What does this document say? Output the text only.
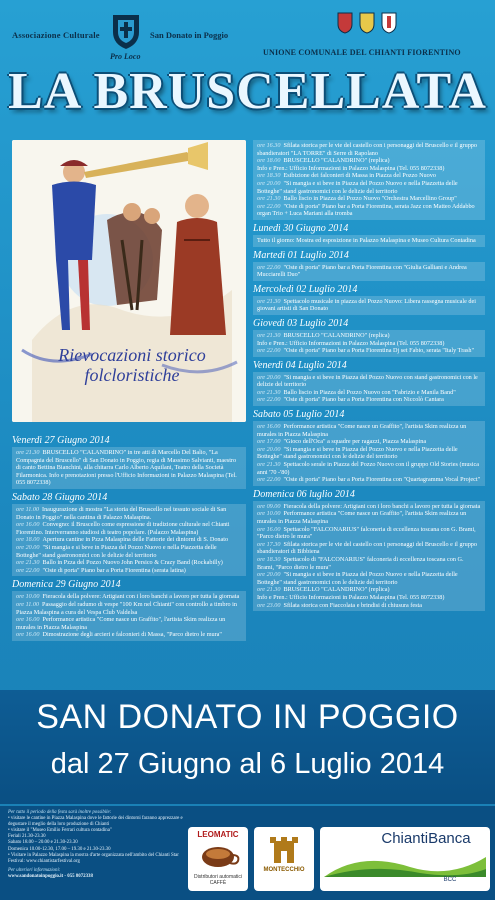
Associazione Culturale	San Donato in Poggio
Pro Loco	UNIONE COMUNALE DEL CHIANTI FIORENTINO
LA BRUSCELLATA
Rievocazioni storico folcloristiche
Venerdì 27 Giugno 2014
ore 21.30 BRUSCELLO "CALANDRINO" in tre atti di Marcello Del Balio, "La Compagnia del Bruscello" di San Donato in Poggio, regia di Massimo Salvianti, maestro di canto Bettina Bianchini, alla chitarra Carlo Alberto Aquilani, Teatro della Società Filarmonica. Info e prenotazioni presso l'Ufficio Informazioni in Palazzo Malaspina (Tel. 055 8072338)
Sabato 28 Giugno 2014
ore 11.00 Inaugurazione di mostra "La storia del Bruscello nel tessuto sociale di San Donato in Poggio" nella cantina di Palazzo Malaspina.
ore 16.00 Convegno: il Bruscello come espressione di tradizione culturale nel Chianti Fiorentino. Interverranno studiosi di teatro popolare. (Palazzo Malaspina)
ore 18.00 Apertura cantine in Pzza Malaspina delle Fattorie dei dintorni di S. Donato
ore 20.00 "Si mangia e si beve in Piazza del Pozzo Nuovo e nella Piazzetta delle Botteghe" stand gastronomici con le delizie del territorio
ore 21.30 Ballo in Pzza del Pozzo Nuovo John Persico & Crazy Band (Rockabilly)
ore 22.00 "Oste di porta" Piano bar a Porta Fiorentina (serata latina)
Domenica 29 Giugno 2014
ore 10.00 Fieracola della polvere: Artigiani con i loro banchi a lavoro per tutta la giornata
ore 11.00 Passaggio del radumo di vespe "100 Km nel Chianti" con controllo a timbro in Piazza Malaspina a cura del Vespa Club Valdelsa
ore 16.00 Performance artistica "Come nasce un Graffito", l'artista Skim realizza un murales in Piazza Malaspina
ore 16.00 Dimostrazione degli arcieri e falconieri di Massa, "Parco dietro le mura"
ore 16.30 Sfilata storica per le vie del castello con i personaggi del Bruscello e il gruppo sbandieratori "LA TORRE" di Serre di Rapolano
ore 18.00 BRUSCELLO "CALANDRINO" (replica)
Info e Pren.: Ufficio Informazioni in Palazzo Malaspina (Tel. 055 8072338)
ore 18.30 Esibizione dei falconieri di Massa in Piazza del Pozzo Nuovo
ore 20.00 "Si mangia e si beve in Piazza del Pozzo Nuovo e nella Piazzetta delle Botteghe" stand gastronomici con le delizie del territorio
ore 21.30 Ballo liscio in Piazza del Pozzo Nuovo "Orchestra Marcellino Group"
ore 22.00 "Oste di porta" Piano bar a Porta Fiorentina, serata Jazz con Matteo Addabbo organ Trio + Luca Mariani alla tromba
Lunedì 30 Giugno 2014
Tutto il giorno: Mostra ed esposizione in Palazzo Malaspina e Museo Cultura Contadina
Martedì 01 Luglio 2014
ore 22.00 "Oste di porta" Piano bar a Porta Fiorentina con "Giulia Galliani e Andrea Mucciarelli Duo"
Mercoledì 02 Luglio 2014
ore 21.30 Spettacolo musicale in piazza del Pozzo Nuovo: Libera rassegna musicale dei giovani artisti di San Donato
Giovedì 03 Luglio 2014
ore 21.30 BRUSCELLO "CALANDRINO" (replica)
Info e Pren.: Ufficio Informazioni in Palazzo Malaspina (Tel. 055 8072338)
ore 22.00 "Oste di porta" Piano bar a Porta Fiorentina Dj set Fabio, serata "Italy Trash"
Venerdì 04 Luglio 2014
ore 20.00 "Si mangia e si beve in Piazza del Pozzo Nuovo con stand gastronomici con le delizie del territorio
ore 21.30 Ballo liscio in Piazza del Pozzo Nuovo con "Fabrizio e Manila Band"
ore 22.00 "Oste di porta" Piano bar a Porta Fiorentina con Niccolò Cantara
Sabato 05 Luglio 2014
ore 16.00 Performance artistica "Come nasce un Graffito", l'artista Skim realizza un murales in Piazza Malaspina
ore 17.00 "Gioco dell'Oca" a squadre per ragazzi, Piazza Malaspina
ore 20.00 "Si mangia e si beve in Piazza del Pozzo Nuovo e nella Piazzetta delle Botteghe" stand gastronomici con le delizie del territorio
ore 21.30 Spettacolo serale in Piazza del Pozzo Nuovo con il gruppo Old Stories (musica anni '70 -'80)
ore 22.00 "Oste di porta" Piano bar a Porta Fiorentina con "Quartagramma Vocal Project"
Domenica 06 luglio 2014
ore 09.00 Fieracola della polvere: Artigiani con i loro banchi a lavoro per tutta la giornata
ore 10.00 Performance artistica "Come nasce un Graffito", l'artista Skim realizza un murales in Piazza Malaspina
ore 16.00 Spettacolo "FALCONARIUS" falconeria di eccellenza toscana con G. Brami, "Parco dietro le mura"
ore 17.30 Sfilata storica per le vie del castello con i personaggi del Bruscello e il gruppo sbandieratori di Bibbiena
ore 18.30 Spettacolo di "FALCONARIUS" falconeria di eccellenza toscana con G. Brami, "Parco dietro le mura"
ore 20.00 "Si mangia e si beve in Piazza del Pozzo Nuovo e nella Piazzetta delle Botteghe" stand gastronomici con le delizie del territorio
ore 21.30 BRUSCELLO "CALANDRINO" (replica)
Info e Pren.: Ufficio Informazioni in Palazzo Malaspina (Tel. 055 8072338)
ore 23.00 Sfilata storica con Fiaccolata e brindisi di chiusura festa
SAN DONATO IN POGGIO
dal 27 Giugno al 6 Luglio 2014
Per tutto il periodo della festa sarà inoltre possibile:
• visitare le cantine in Piazza Malaspina dove le fattorie dei dintorni faranno apprezzare e degustare il meglio della loro produzione di Chianti
• visitare il "Museo Emilio Ferrari cultura contadina"
Feriali 21.30-23.30
Sabato 18.00 – 20.00 e 21.30-23.30
Domenica 10.00-12.30, 17.00 – 19.30 e 21.30-23.30
• Visitare in Palazzo Malaspina la mostra d'arte organizzata nell'ambito del Chianti Star Festival: www.chiantistarfestival.org
Per ulteriori informazioni:
www.sandonatoinpoggio.it - 055 8072338
LEOMATIC
Distributori automatici CAFFÈ
MONTECCHIO
ChiantiBanca
BCC
